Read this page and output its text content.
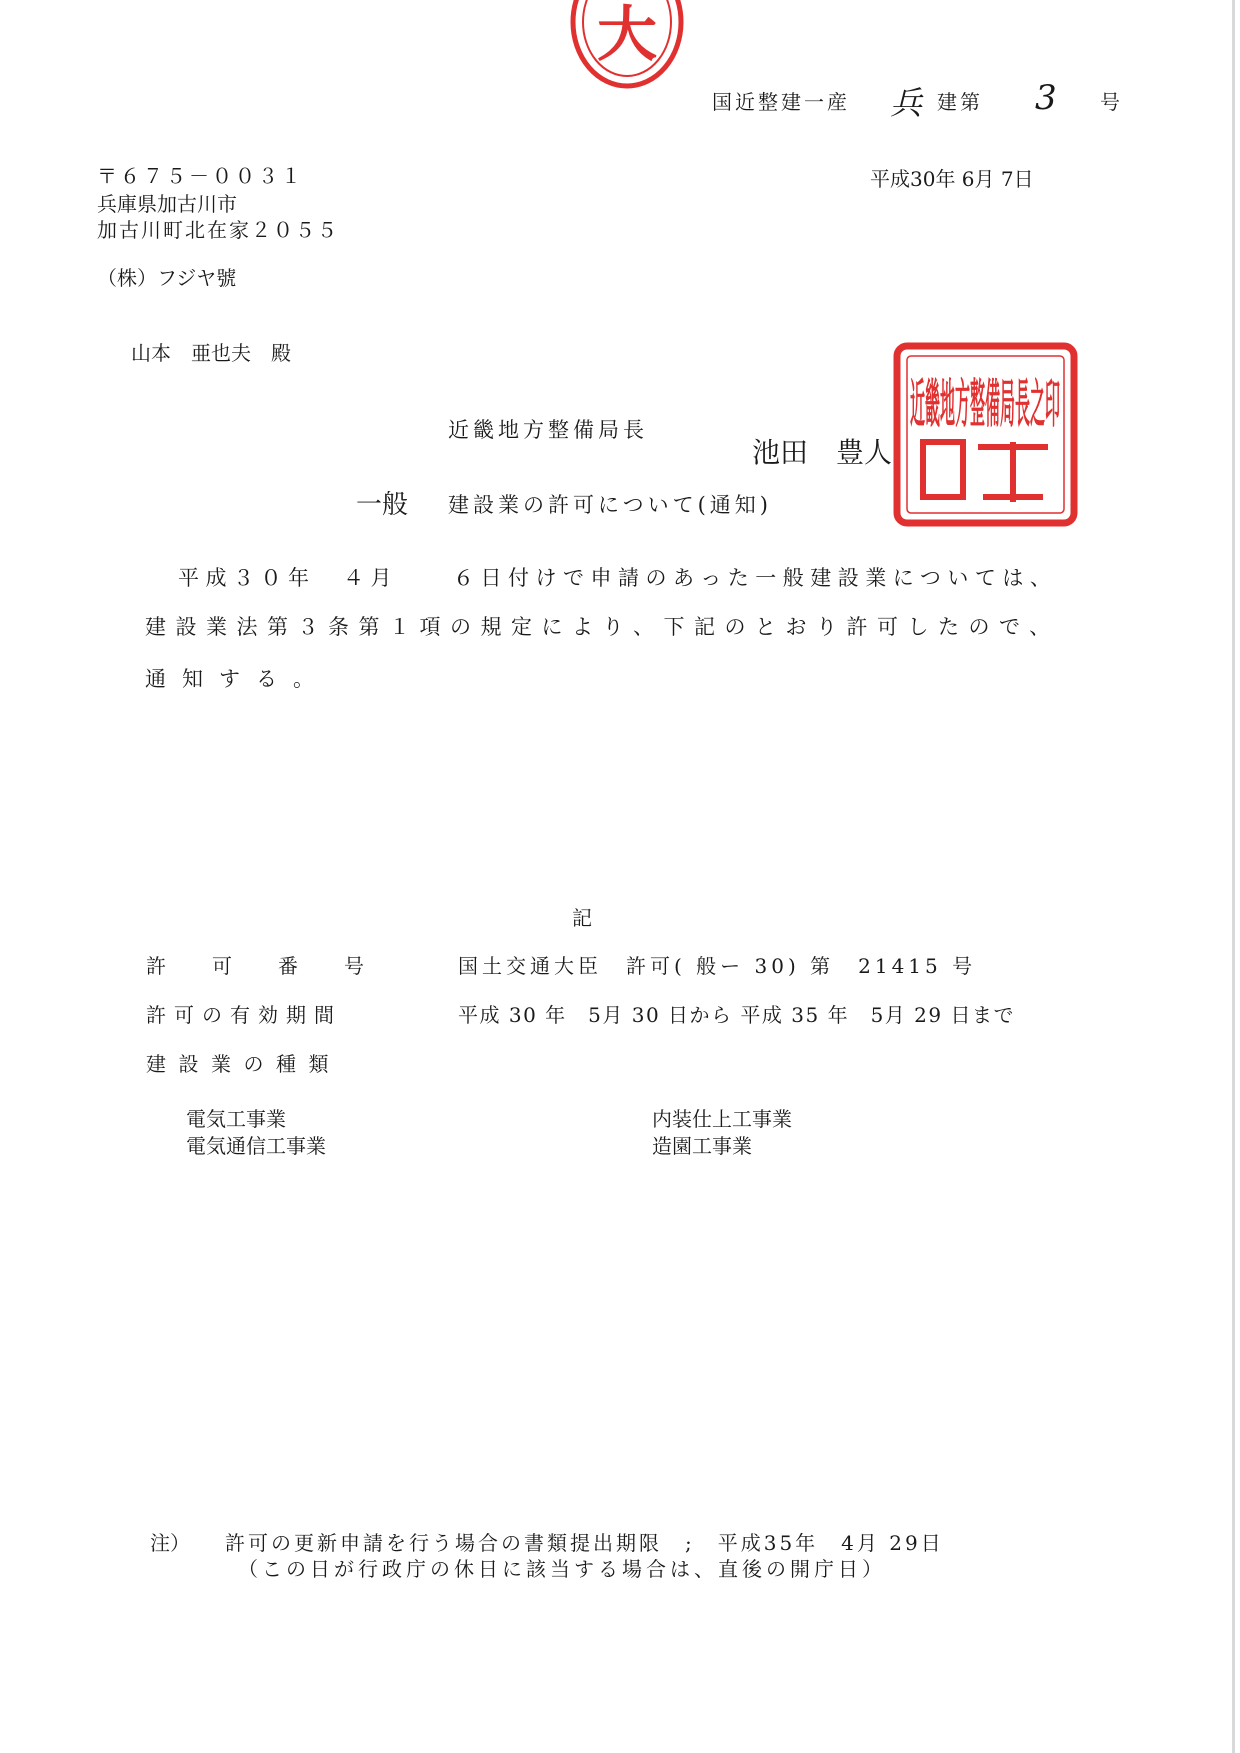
大
国近整建一産 兵 建第 3 号
平成30年 6月 7日
〒６７５－００３１
兵庫県加古川市
加古川町北在家２０５５
（株）フジヤ號
山本　亜也夫　殿
近畿地方整備局長
池田　豊人
近畿地方整備局長之印
一般 建設業の許可について(通知)
平成３０年　４月　　６日付けで申請のあった一般建設業については、
建設業法第３条第１項の規定により、下記のとおり許可したので、
通知する。
記
許可番号 国土交通大臣　許可( 般ー 30) 第　21415 号
許可の有効期間	平成 30 年　5月 30 日から 平成 35 年　5月 29 日まで
建設業の種類
電気工事業
電気通信工事業
内装仕上工事業
造園工事業
注） 許可の更新申請を行う場合の書類提出期限　;　平成35年　4月 29日
（この日が行政庁の休日に該当する場合は、直後の開庁日）
